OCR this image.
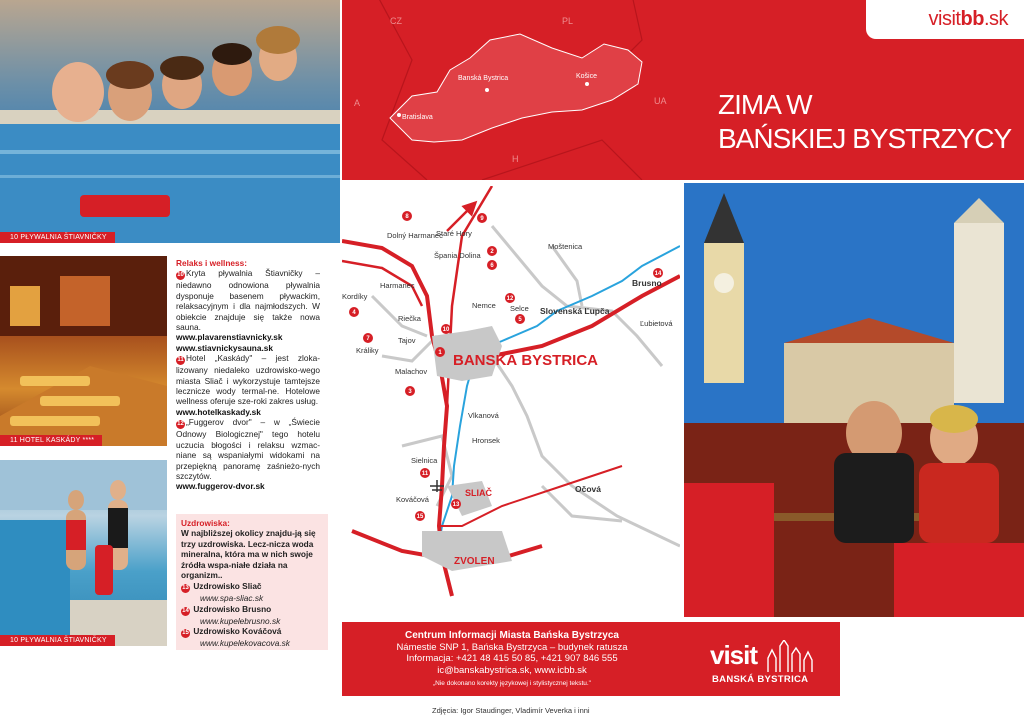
10 PŁYWALNIA ŠTIAVNIČKY
11 HOTEL KASKÁDY ****
10 PŁYWALNIA ŠTIAVNIČKY
Relaks i wellness:
10 Kryta pływalnia Štiavničky – niedawno odnowiona pływalnia dysponuje basenem pływackim, relaksacyjnym i dla najmłodszych. W obiekcie znajduje się także nowa sauna.
www.plavarenstiavnicky.sk
www.stiavnickysauna.sk
11 Hotel „Kaskády" – jest zloka-lizowany niedaleko uzdrowisko-wego miasta Sliač i wykorzystuje tamtejsze lecznicze wody termal-ne. Hotelowe wellness oferuje sze-roki zakres usług.
www.hotelkaskady.sk
12 „Fuggerov dvor" – w „Świecie Odnowy Biologicznej" tego hotelu uczucia błogości i relaksu wzmac-niane są wspaniałymi widokami na przepiękną panoramę zaśnieżo-nych szczytów.
www.fuggerov-dvor.sk
Uzdrowiska:
W najbliższej okolicy znajdu-ją się trzy uzdrowiska. Lecz-nicza woda mineralna, która ma w nich swoje źródła wspa-niałe działa na organizm..
13 Uzdrowisko Sliač
www.spa-sliac.sk
14 Uzdrowisko Brusno
www.kupelebrusno.sk
15 Uzdrowisko Kováčová
www.kupelekovacova.sk
CZ	PL
A	UA
H
Banská Bystrica	Košice
Bratislava
visitbb.sk
ZIMA W
BAŃSKIEJ BYSTRZYCY
BANSKÁ BYSTRICA
Dolný Harmanec
Staré Hory
Špania Dolina
Moštenica
Harmanec
Kordíky
Riečka
Nemce Selce Slovenská Ľupča
Brusno
Ľubietová
Tajov
Králiky
Malachov
Vlkanová
Hronsek
Sielnica
Kováčová
SLIAČ	Očová
ZVOLEN
1
2
3
4
5
6
7
8	9
10
11
12
13
14
15
Centrum Informacji Miasta Bańska Bystrzyca
Námestie SNP 1, Bańska Bystrzyca – budynek ratusza
Informacja: +421 48 415 50 85, +421 907 846 555
ic@banskabystrica.sk, www.icbb.sk
„Nie dokonano korekty językowej i stylistycznej tekstu."
visit
BANSKÁ BYSTRICA
Zdjęcia: Igor Staudinger, Vladimír Veverka i inni
